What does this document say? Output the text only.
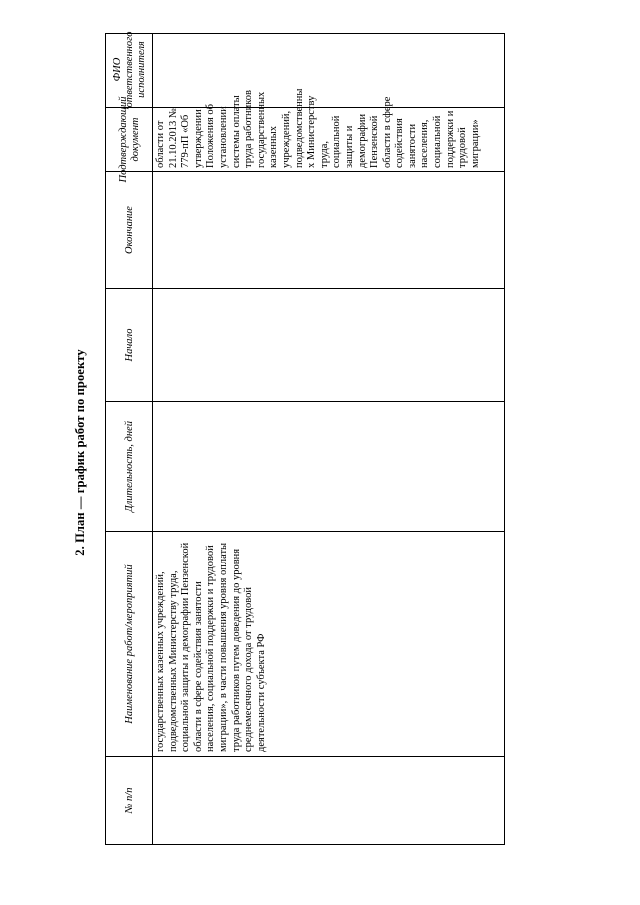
2. План — график работ по проекту
№ п/п
Наименование работ/мероприятий
Длительность, дней
Начало
Окончание
Подтверждающий документ
ФИО ответственного исполнителя
государственных казенных учреждений, подведомственных Министерству труда, социальной защиты и демографии Пензенской области в сфере содействия занятости населения, социальной поддержки и трудовой миграции», в части повышения уровня оплаты труда работников путем доведения до уровня среднемесячного дохода от трудовой деятельности субъекта РФ
области от 21.10.2013 № 779-пП «Об утверждении Положения об установлении системы оплаты труда работников государственных казенных учреждений, подведомственны х Министерству труда, социальной защиты и демографии Пензенской области в сфере содействия занятости населения, социальной поддержки и трудовой миграции»
